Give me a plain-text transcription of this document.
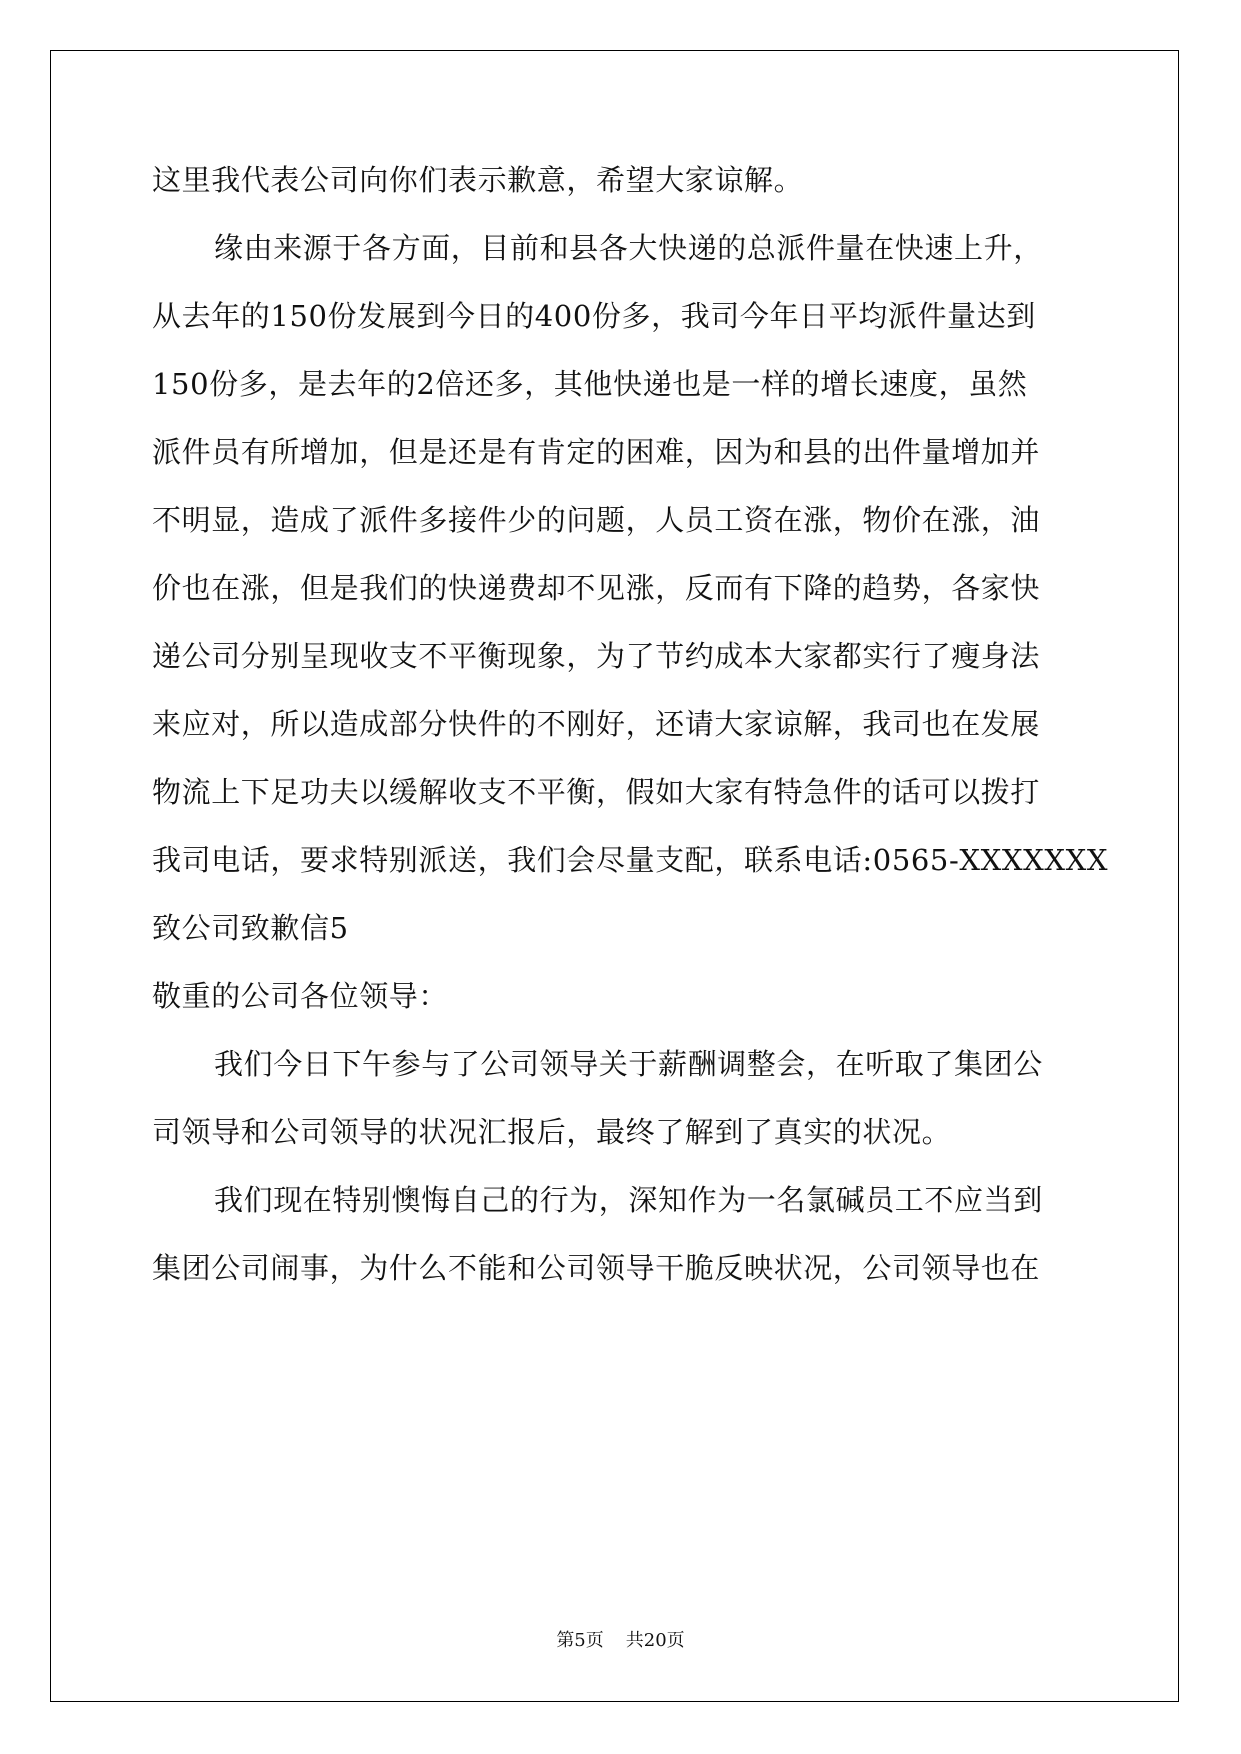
这里我代表公司向你们表示歉意，希望大家谅解。
缘由来源于各方面，目前和县各大快递的总派件量在快速上升，
从去年的150份发展到今日的400份多，我司今年日平均派件量达到
150份多，是去年的2倍还多，其他快递也是一样的增长速度，虽然
派件员有所增加，但是还是有肯定的困难，因为和县的出件量增加并
不明显，造成了派件多接件少的问题，人员工资在涨，物价在涨，油
价也在涨，但是我们的快递费却不见涨，反而有下降的趋势，各家快
递公司分别呈现收支不平衡现象，为了节约成本大家都实行了瘦身法
来应对，所以造成部分快件的不刚好，还请大家谅解，我司也在发展
物流上下足功夫以缓解收支不平衡，假如大家有特急件的话可以拨打
我司电话，要求特别派送，我们会尽量支配，联系电话:0565-XXXXXXX
致公司致歉信5
敬重的公司各位领导：
我们今日下午参与了公司领导关于薪酬调整会，在听取了集团公
司领导和公司领导的状况汇报后，最终了解到了真实的状况。
我们现在特别懊悔自己的行为，深知作为一名氯碱员工不应当到
集团公司闹事，为什么不能和公司领导干脆反映状况，公司领导也在
第5页 共20页
